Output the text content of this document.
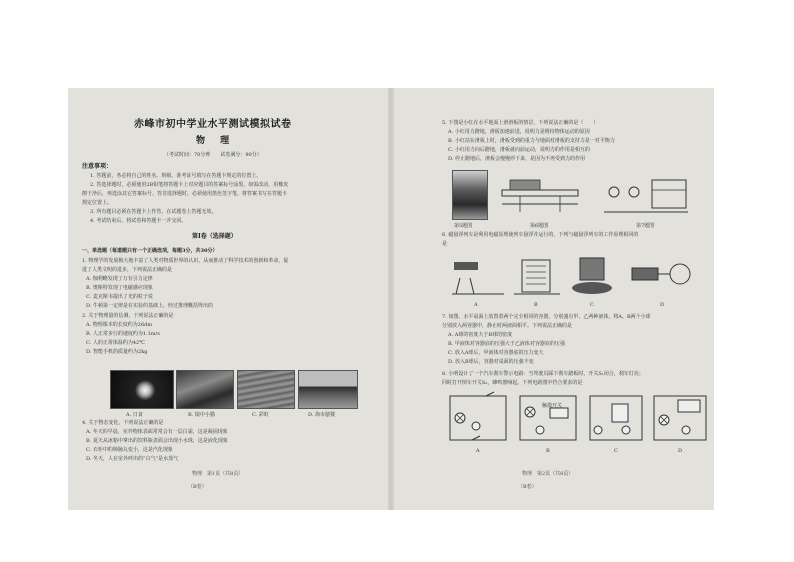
赤峰市初中学业水平测试模拟试卷
物 理
（考试时间：70分钟　　试卷满分：90分）
注意事项：
1. 答题前，务必将自己的姓名、班级、准考证号填写在答题卡规定的位置上。
2. 答选择题时，必须使用2B铅笔将答题卡上对应题目的答案标号涂黑，如需改动，用橡皮
擦干净后，再选涂其它答案标号。答非选择题时，必须使用黑色签字笔，将答案书写在答题卡
规定位置上。
3. 所有题目必须在答题卡上作答，在试题卷上答题无效。
4. 考试结束后，将试卷和答题卡一并交回。
第Ⅰ卷（选择题）
一、单选题（每道题只有一个正确选项，每题3分，共30分）
1. 物理学的发展极大地丰富了人类对物质世界的认识，从而推动了科学技术的创新和革命，促
进了人类文明的进步，下列说法正确的是
A. 伽利略发现了万有引力定律
B. 奥斯特发现了电磁感应现象
C. 麦克斯韦提出了光的粒子说
D. 牛顿第一定律是在实验的基础上，经过推理概括得出的
2. 关于物理量的估测，下列说法正确的是
A. 物理课本的长度约为26dm
B. 人正常步行的速度约为1.1m/s
C. 人的正常体温约为42℃
D. 智能手机的质量约为2kg
A. 日食	B. 镜中小猫	C. 彩虹	D. 海市蜃楼
4. 关于物态变化，下列说法正确的是
A. 冬天的早晨，室外物体表面常常会有一层白霜，这是凝固现象
B. 夏天从冰箱中拿出的饮料瓶表面会出现小水珠，这是液化现象
C. 衣柜中的樟脑丸变小，这是汽化现象
D. 冬天，人在室外呼出的“白气”是水蒸气
物理　第1页（共8页）
（B卷）
5. 下图是小红在水平地面上滑滑板的情景，下列说法正确的是（　　）
A. 小红用力蹬地，滑板加速前进，说明力是维持物体运动的原因
B. 小红站在滑板上时，滑板受到的重力与地面对滑板的支持力是一对平衡力
C. 小红用力向后蹬地，滑板就向前运动，说明力的作用是相互的
D. 停止蹬地后，滑板会慢慢停下来，是因为不再受到力的作用
第5题图	第6题图	第7题图
6. 磁悬浮列车是利用电磁原理使列车悬浮并运行的，下列与磁悬浮列车的工作原理相同的
是
A	B	C	D
7. 如图，水平桌面上放置着两个完全相同的容器，分别盛有甲、乙两种液体，将A、B两个小球
分别放入两容器中，静止时两液面相平。下列说法正确的是
A. A球的密度大于B球的密度
B. 甲液体对容器底的压强大于乙液体对容器底的压强
C. 放入A球后，甲液体对容器底的压力变大
D. 放入B球后，容器对桌面的压强不变
8. 小明设计了一个汽车刹车警示电路：当驾驶员踩下刹车踏板时，开关S₁闭合，刹车灯亮；
同时打开倒车开关S₂，蜂鸣器响起。下列电路图中符合要求的是
触摸开关
A	B	C	D
物理　第2页（共8页）
（B卷）
